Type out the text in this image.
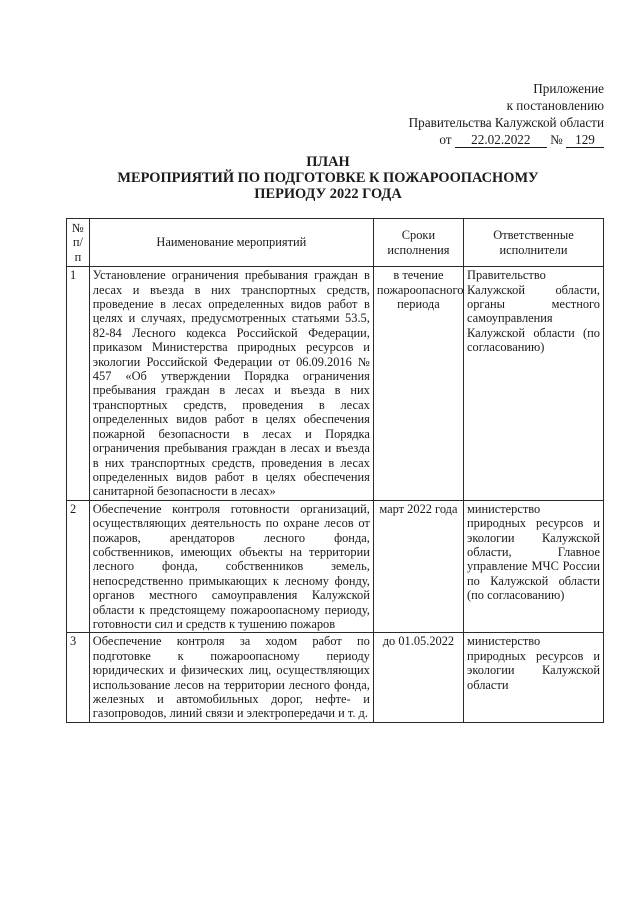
Приложение
к постановлению
Правительства Калужской области
от 22.02.2022 № 129
ПЛАН
МЕРОПРИЯТИЙ ПО ПОДГОТОВКЕ К ПОЖАРООПАСНОМУ
ПЕРИОДУ 2022 ГОДА
№ п/п	Наименование мероприятий	Сроки исполнения	Ответственные исполнители
1	Установление ограничения пребывания граждан в лесах и въезда в них транспортных средств, проведение в лесах определенных видов работ в целях и случаях, предусмотренных статьями 53.5, 82-84 Лесного кодекса Российской Федерации, приказом Министерства природных ресурсов и экологии Российской Федерации от 06.09.2016 № 457 «Об утверждении Порядка ограничения пребывания граждан в лесах и въезда в них транспортных средств, проведения в лесах определенных видов работ в целях обеспечения пожарной безопасности в лесах и Порядка ограничения пребывания граждан в лесах и въезда в них транспортных средств, проведения в лесах определенных видов работ в целях обеспечения санитарной безопасности в лесах»	в течение пожароопасного периода	Правительство Калужской области, органы местного самоуправления Калужской области (по согласованию)
2	Обеспечение контроля готовности организаций, осуществляющих деятельность по охране лесов от пожаров, арендаторов лесного фонда, собственников, имеющих объекты на территории лесного фонда, собственников земель, непосредственно примыкающих к лесному фонду, органов местного самоуправления Калужской области к предстоящему пожароопасному периоду, готовности сил и средств к тушению пожаров	март 2022 года	министерство природных ресурсов и экологии Калужской области, Главное управление МЧС России по Калужской области (по согласованию)
3	Обеспечение контроля за ходом работ по подготовке к пожароопасному периоду юридических и физических лиц, осуществляющих использование лесов на территории лесного фонда, железных и автомобильных дорог, нефте- и газопроводов, линий связи и электропередачи и т. д.	до 01.05.2022	министерство природных ресурсов и экологии Калужской области
